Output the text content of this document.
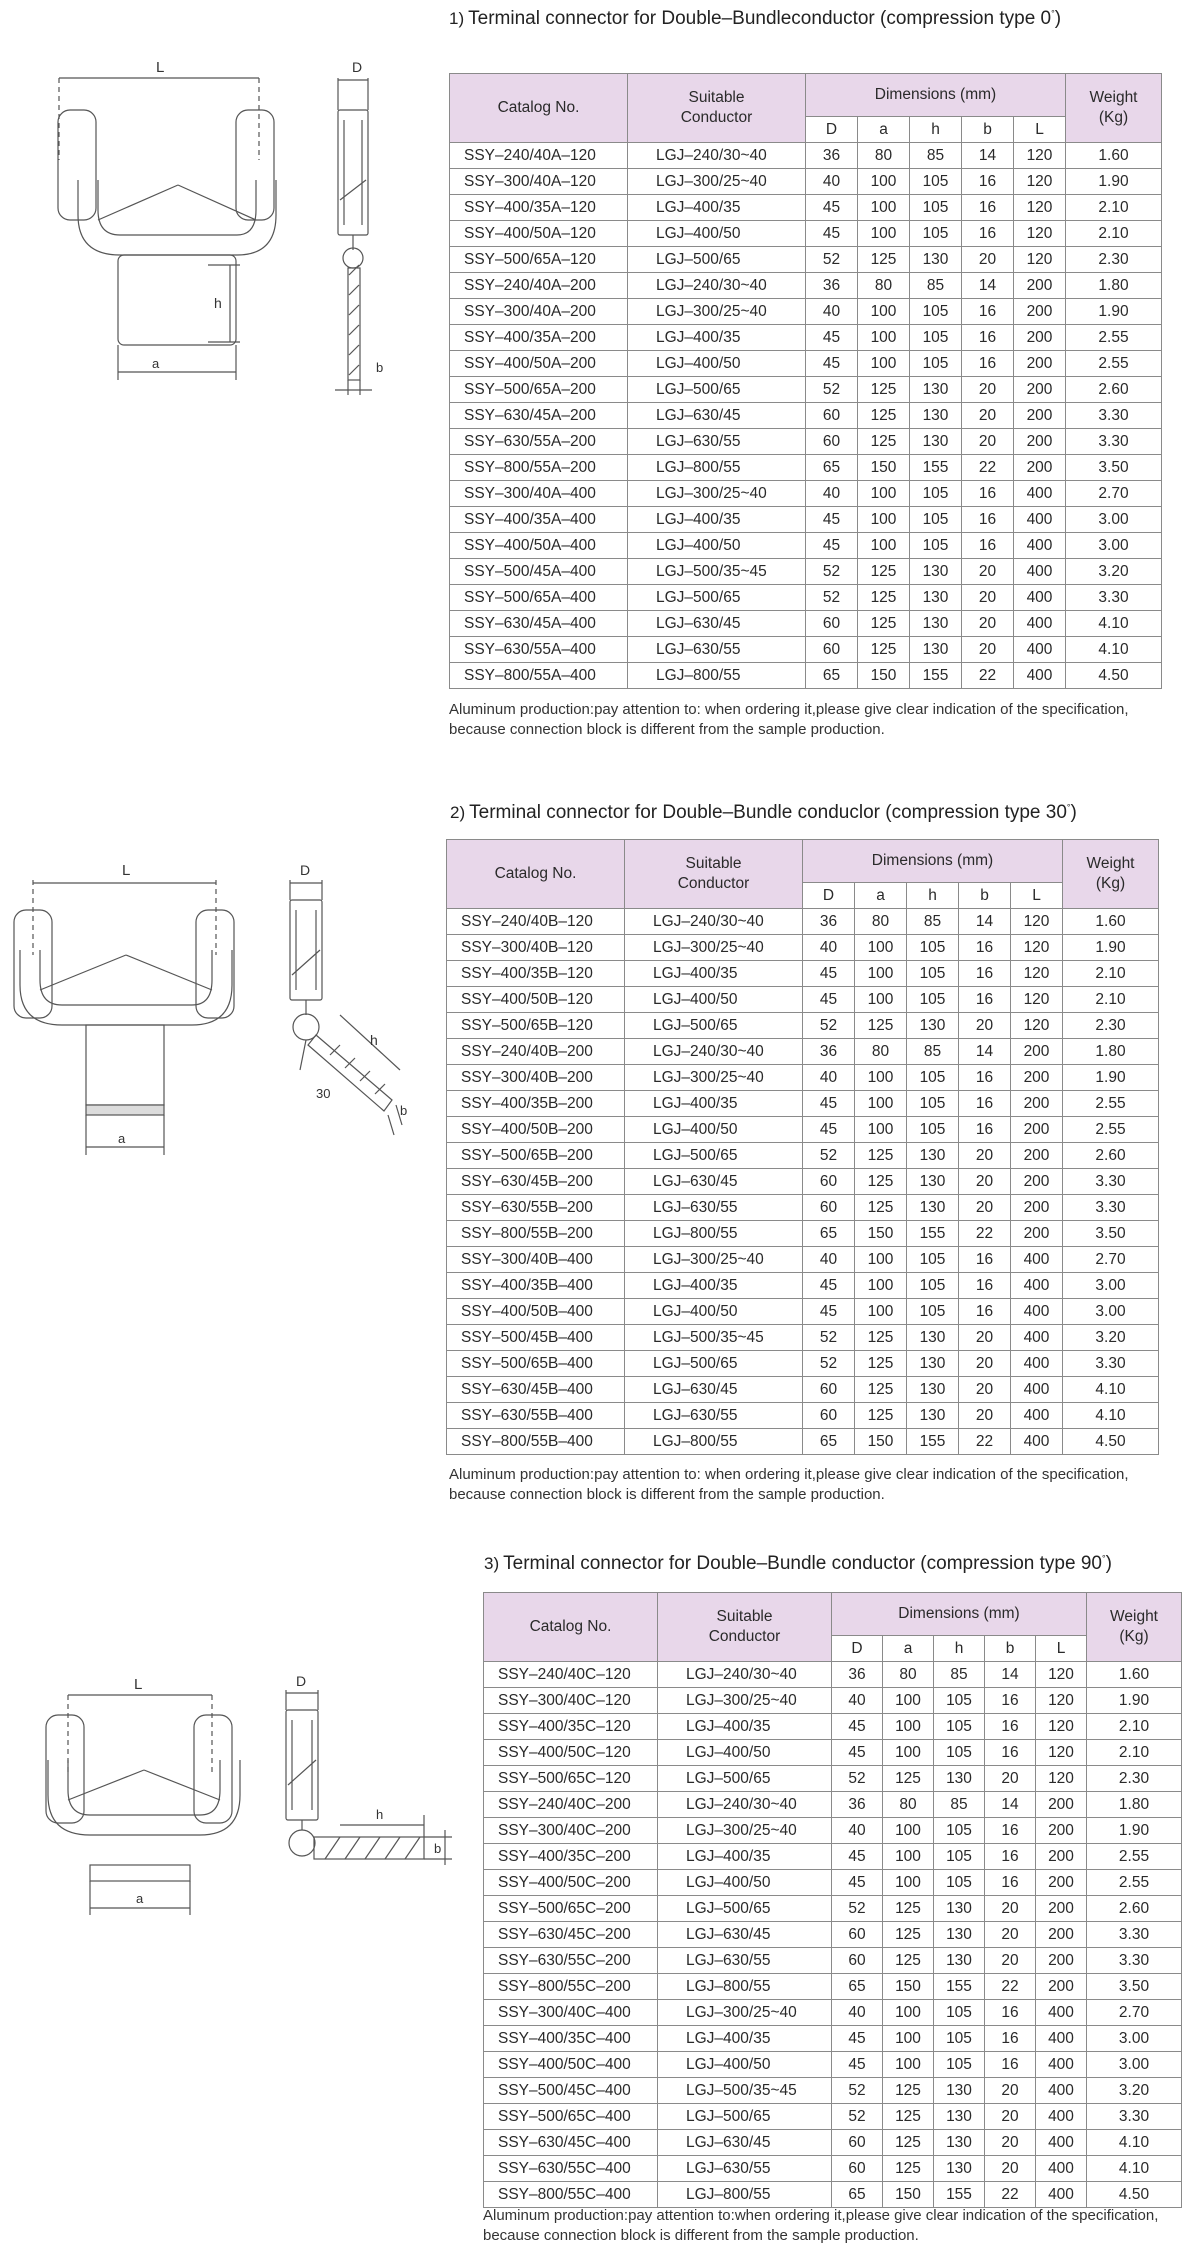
1) Terminal connector for Double–Bundleconductor (compression type 0°)
L	D
h
a	b
Catalog No.	Suitable
Conductor	Dimensions (mm)					Weight
(Kg)
		D	a	h	b	L	
SSY–240/40A–120	LGJ–240/30~40	36	80	85	14	120	1.60
SSY–300/40A–120	LGJ–300/25~40	40	100	105	16	120	1.90
SSY–400/35A–120	LGJ–400/35	45	100	105	16	120	2.10
SSY–400/50A–120	LGJ–400/50	45	100	105	16	120	2.10
SSY–500/65A–120	LGJ–500/65	52	125	130	20	120	2.30
SSY–240/40A–200	LGJ–240/30~40	36	80	85	14	200	1.80
SSY–300/40A–200	LGJ–300/25~40	40	100	105	16	200	1.90
SSY–400/35A–200	LGJ–400/35	45	100	105	16	200	2.55
SSY–400/50A–200	LGJ–400/50	45	100	105	16	200	2.55
SSY–500/65A–200	LGJ–500/65	52	125	130	20	200	2.60
SSY–630/45A–200	LGJ–630/45	60	125	130	20	200	3.30
SSY–630/55A–200	LGJ–630/55	60	125	130	20	200	3.30
SSY–800/55A–200	LGJ–800/55	65	150	155	22	200	3.50
SSY–300/40A–400	LGJ–300/25~40	40	100	105	16	400	2.70
SSY–400/35A–400	LGJ–400/35	45	100	105	16	400	3.00
SSY–400/50A–400	LGJ–400/50	45	100	105	16	400	3.00
SSY–500/45A–400	LGJ–500/35~45	52	125	130	20	400	3.20
SSY–500/65A–400	LGJ–500/65	52	125	130	20	400	3.30
SSY–630/45A–400	LGJ–630/45	60	125	130	20	400	4.10
SSY–630/55A–400	LGJ–630/55	60	125	130	20	400	4.10
SSY–800/55A–400	LGJ–800/55	65	150	155	22	400	4.50
Aluminum production:pay attention to: when ordering it,please give clear indication of the specification,
because connection block is different from the sample production.
2) Terminal connector for Double–Bundle conduclor (compression type 30°)
L	D
h
a
b
30
Catalog No.	Suitable
Conductor	Dimensions (mm)					Weight
(Kg)
		D	a	h	b	L	
SSY–240/40B–120	LGJ–240/30~40	36	80	85	14	120	1.60
SSY–300/40B–120	LGJ–300/25~40	40	100	105	16	120	1.90
SSY–400/35B–120	LGJ–400/35	45	100	105	16	120	2.10
SSY–400/50B–120	LGJ–400/50	45	100	105	16	120	2.10
SSY–500/65B–120	LGJ–500/65	52	125	130	20	120	2.30
SSY–240/40B–200	LGJ–240/30~40	36	80	85	14	200	1.80
SSY–300/40B–200	LGJ–300/25~40	40	100	105	16	200	1.90
SSY–400/35B–200	LGJ–400/35	45	100	105	16	200	2.55
SSY–400/50B–200	LGJ–400/50	45	100	105	16	200	2.55
SSY–500/65B–200	LGJ–500/65	52	125	130	20	200	2.60
SSY–630/45B–200	LGJ–630/45	60	125	130	20	200	3.30
SSY–630/55B–200	LGJ–630/55	60	125	130	20	200	3.30
SSY–800/55B–200	LGJ–800/55	65	150	155	22	200	3.50
SSY–300/40B–400	LGJ–300/25~40	40	100	105	16	400	2.70
SSY–400/35B–400	LGJ–400/35	45	100	105	16	400	3.00
SSY–400/50B–400	LGJ–400/50	45	100	105	16	400	3.00
SSY–500/45B–400	LGJ–500/35~45	52	125	130	20	400	3.20
SSY–500/65B–400	LGJ–500/65	52	125	130	20	400	3.30
SSY–630/45B–400	LGJ–630/45	60	125	130	20	400	4.10
SSY–630/55B–400	LGJ–630/55	60	125	130	20	400	4.10
SSY–800/55B–400	LGJ–800/55	65	150	155	22	400	4.50
Aluminum production:pay attention to: when ordering it,please give clear indication of the specification,
because connection block is different from the sample production.
3) Terminal connector for Double–Bundle conductor (compression type 90°)
L	D
h
a
b
Catalog No.	Suitable
Conductor	Dimensions (mm)					Weight
(Kg)
		D	a	h	b	L	
SSY–240/40C–120	LGJ–240/30~40	36	80	85	14	120	1.60
SSY–300/40C–120	LGJ–300/25~40	40	100	105	16	120	1.90
SSY–400/35C–120	LGJ–400/35	45	100	105	16	120	2.10
SSY–400/50C–120	LGJ–400/50	45	100	105	16	120	2.10
SSY–500/65C–120	LGJ–500/65	52	125	130	20	120	2.30
SSY–240/40C–200	LGJ–240/30~40	36	80	85	14	200	1.80
SSY–300/40C–200	LGJ–300/25~40	40	100	105	16	200	1.90
SSY–400/35C–200	LGJ–400/35	45	100	105	16	200	2.55
SSY–400/50C–200	LGJ–400/50	45	100	105	16	200	2.55
SSY–500/65C–200	LGJ–500/65	52	125	130	20	200	2.60
SSY–630/45C–200	LGJ–630/45	60	125	130	20	200	3.30
SSY–630/55C–200	LGJ–630/55	60	125	130	20	200	3.30
SSY–800/55C–200	LGJ–800/55	65	150	155	22	200	3.50
SSY–300/40C–400	LGJ–300/25~40	40	100	105	16	400	2.70
SSY–400/35C–400	LGJ–400/35	45	100	105	16	400	3.00
SSY–400/50C–400	LGJ–400/50	45	100	105	16	400	3.00
SSY–500/45C–400	LGJ–500/35~45	52	125	130	20	400	3.20
SSY–500/65C–400	LGJ–500/65	52	125	130	20	400	3.30
SSY–630/45C–400	LGJ–630/45	60	125	130	20	400	4.10
SSY–630/55C–400	LGJ–630/55	60	125	130	20	400	4.10
SSY–800/55C–400	LGJ–800/55	65	150	155	22	400	4.50
Aluminum production:pay attention to:when ordering it,please give clear indication of the specification,
because connection block is different from the sample production.
